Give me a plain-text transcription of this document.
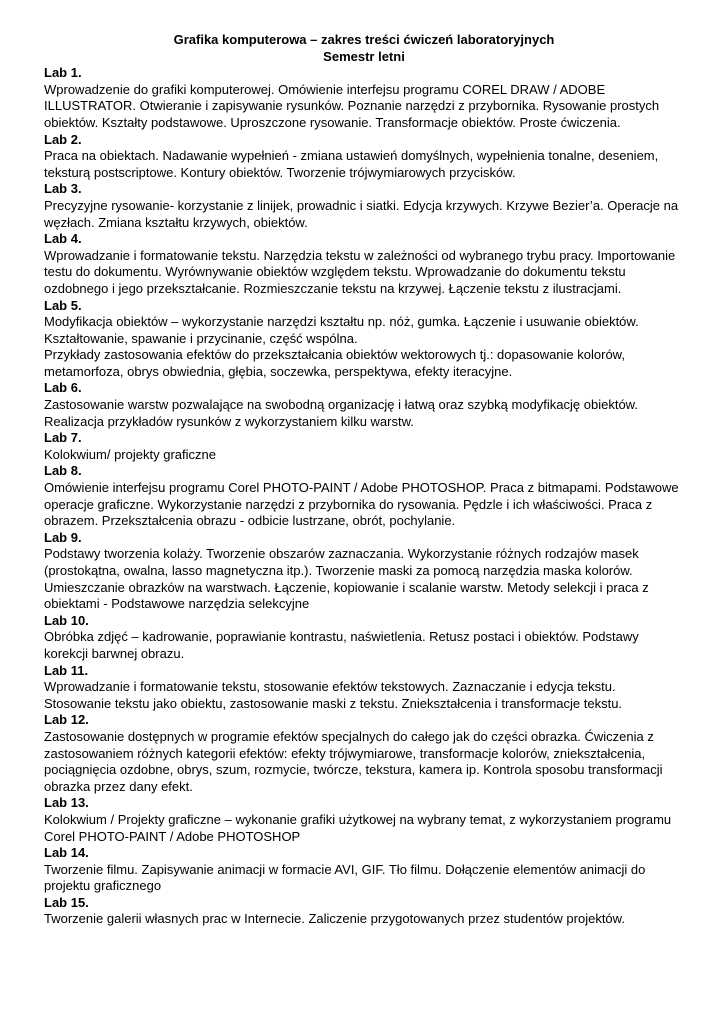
Grafika komputerowa – zakres treści ćwiczeń laboratoryjnych

Semestr letni

Lab 1.

Wprowadzenie do grafiki komputerowej. Omówienie interfejsu programu COREL DRAW / ADOBE ILLUSTRATOR. Otwieranie i zapisywanie rysunków. Poznanie narzędzi z przybornika. Rysowanie prostych obiektów. Kształty podstawowe. Uproszczone rysowanie. Transformacje obiektów. Proste ćwiczenia.

Lab 2.

Praca na obiektach. Nadawanie wypełnień - zmiana ustawień domyślnych, wypełnienia tonalne, deseniem, teksturą postscriptowe. Kontury obiektów. Tworzenie trójwymiarowych przycisków.

Lab 3.

Precyzyjne rysowanie- korzystanie z linijek, prowadnic i siatki. Edycja krzywych. Krzywe Bezier’a. Operacje na węzłach. Zmiana kształtu krzywych, obiektów.

Lab 4.

Wprowadzanie i formatowanie tekstu. Narzędzia tekstu w zależności od wybranego trybu pracy. Importowanie testu do dokumentu. Wyrównywanie obiektów względem tekstu. Wprowadzanie do dokumentu tekstu ozdobnego i jego przekształcanie. Rozmieszczanie tekstu na krzywej. Łączenie tekstu z ilustracjami.

Lab 5.

Modyfikacja obiektów – wykorzystanie narzędzi kształtu np. nóż, gumka. Łączenie i usuwanie obiektów. Kształtowanie, spawanie i przycinanie, część wspólna.

Przykłady zastosowania efektów do przekształcania obiektów wektorowych tj.: dopasowanie kolorów, metamorfoza, obrys obwiednia, głębia, soczewka, perspektywa, efekty iteracyjne.

Lab 6.

Zastosowanie warstw pozwalające na swobodną organizację i łatwą oraz szybką modyfikację obiektów. Realizacja przykładów rysunków z wykorzystaniem kilku warstw.

Lab 7.

Kolokwium/ projekty graficzne

Lab 8.

Omówienie interfejsu programu Corel PHOTO-PAINT / Adobe PHOTOSHOP. Praca z bitmapami. Podstawowe operacje graficzne. Wykorzystanie narzędzi z przybornika do rysowania. Pędzle i ich właściwości. Praca z obrazem. Przekształcenia obrazu - odbicie lustrzane, obrót, pochylanie.

Lab 9.

Podstawy tworzenia kolaży. Tworzenie obszarów zaznaczania. Wykorzystanie różnych rodzajów masek (prostokątna, owalna, lasso magnetyczna itp.). Tworzenie maski za pomocą narzędzia maska kolorów. Umieszczanie obrazków na warstwach. Łączenie, kopiowanie i scalanie warstw. Metody selekcji i praca z obiektami - Podstawowe narzędzia selekcyjne

Lab 10.

Obróbka zdjęć – kadrowanie, poprawianie kontrastu, naświetlenia. Retusz postaci i obiektów. Podstawy korekcji barwnej obrazu.

Lab 11.

Wprowadzanie i formatowanie tekstu, stosowanie efektów tekstowych. Zaznaczanie i edycja tekstu. Stosowanie tekstu jako obiektu, zastosowanie maski z tekstu. Zniekształcenia i transformacje tekstu.

Lab 12.

Zastosowanie dostępnych w programie efektów specjalnych do całego jak do części obrazka. Ćwiczenia z zastosowaniem różnych kategorii efektów: efekty trójwymiarowe, transformacje kolorów, zniekształcenia, pociągnięcia ozdobne, obrys, szum, rozmycie, twórcze, tekstura, kamera ip. Kontrola sposobu transformacji obrazka przez dany efekt.

Lab 13.

Kolokwium / Projekty graficzne – wykonanie grafiki użytkowej na wybrany temat, z wykorzystaniem programu Corel PHOTO-PAINT / Adobe PHOTOSHOP

Lab 14.

Tworzenie filmu. Zapisywanie animacji w formacie AVI, GIF. Tło filmu. Dołączenie elementów animacji do projektu graficznego

Lab 15.

Tworzenie galerii własnych prac w Internecie. Zaliczenie przygotowanych przez studentów projektów.
